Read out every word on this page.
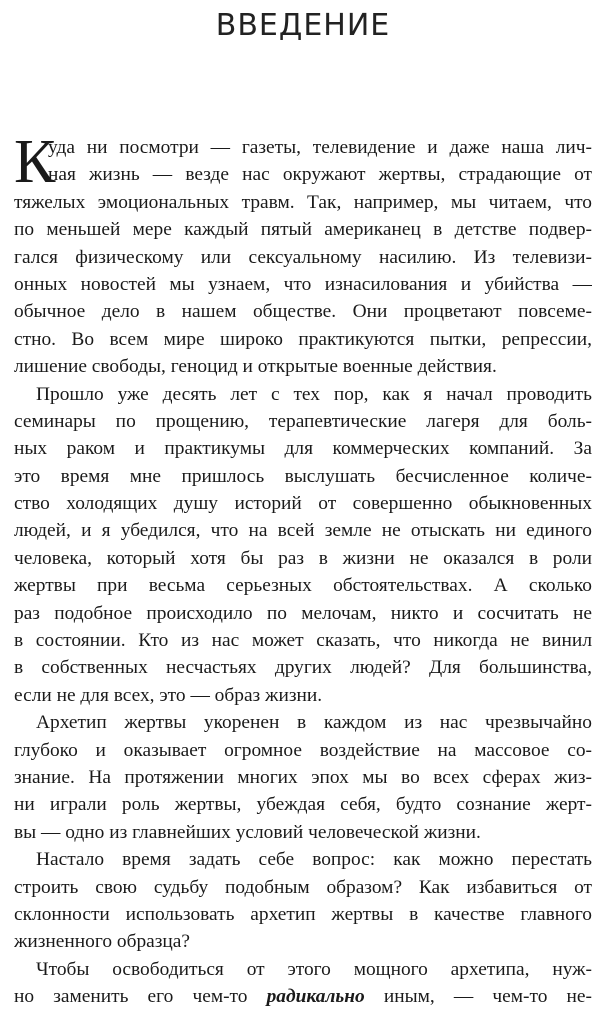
ВВЕДЕНИЕ
К
уда ни посмотри — газеты, телевидение и даже наша лич-
ная жизнь — везде нас окружают жертвы, страдающие от
тяжелых эмоциональных травм. Так, например, мы читаем, что
по меньшей мере каждый пятый американец в детстве подвер-
гался физическому или сексуальному насилию. Из телевизи-
онных новостей мы узнаем, что изнасилования и убийства —
обычное дело в нашем обществе. Они процветают повсеме-
стно. Во всем мире широко практикуются пытки, репрессии,
лишение свободы, геноцид и открытые военные действия.
Прошло уже десять лет с тех пор, как я начал проводить
семинары по прощению, терапевтические лагеря для боль-
ных раком и практикумы для коммерческих компаний. За
это время мне пришлось выслушать бесчисленное количе-
ство холодящих душу историй от совершенно обыкновенных
людей, и я убедился, что на всей земле не отыскать ни единого
человека, который хотя бы раз в жизни не оказался в роли
жертвы при весьма серьезных обстоятельствах. А сколько
раз подобное происходило по мелочам, никто и сосчитать не
в состоянии. Кто из нас может сказать, что никогда не винил
в собственных несчастьях других людей? Для большинства,
если не для всех, это — образ жизни.
Архетип жертвы укоренен в каждом из нас чрезвычайно
глубоко и оказывает огромное воздействие на массовое со-
знание. На протяжении многих эпох мы во всех сферах жиз-
ни играли роль жертвы, убеждая себя, будто сознание жерт-
вы — одно из главнейших условий человеческой жизни.
Настало время задать себе вопрос: как можно перестать
строить свою судьбу подобным образом? Как избавиться от
склонности использовать архетип жертвы в качестве главного
жизненного образца?
Чтобы освободиться от этого мощного архетипа, нуж-
но заменить его чем-то радикально иным, — чем-то не-
